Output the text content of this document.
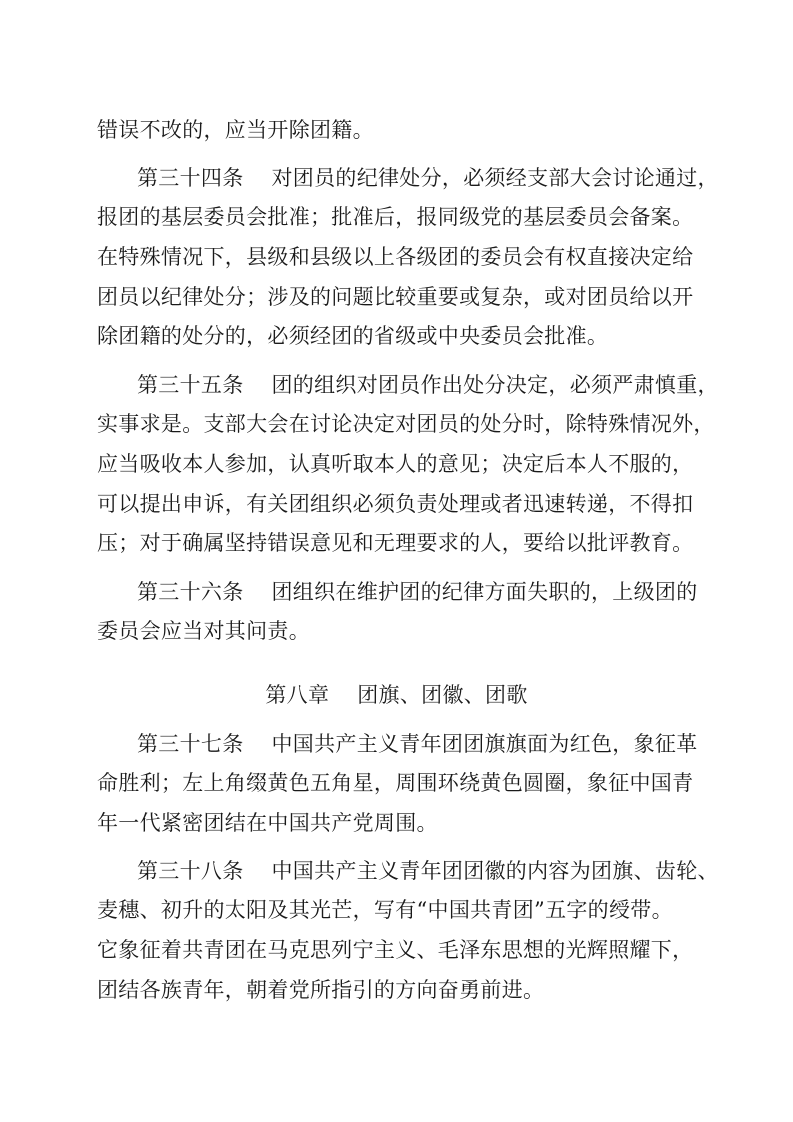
错误不改的，应当开除团籍。
第三十四条 对团员的纪律处分，必须经支部大会讨论通过，
报团的基层委员会批准；批准后，报同级党的基层委员会备案。
在特殊情况下，县级和县级以上各级团的委员会有权直接决定给
团员以纪律处分；涉及的问题比较重要或复杂，或对团员给以开
除团籍的处分的，必须经团的省级或中央委员会批准。
第三十五条 团的组织对团员作出处分决定，必须严肃慎重，
实事求是。支部大会在讨论决定对团员的处分时，除特殊情况外，
应当吸收本人参加，认真听取本人的意见；决定后本人不服的，
可以提出申诉，有关团组织必须负责处理或者迅速转递，不得扣
压；对于确属坚持错误意见和无理要求的人，要给以批评教育。
第三十六条 团组织在维护团的纪律方面失职的，上级团的
委员会应当对其问责。
第八章 团旗、团徽、团歌
第三十七条 中国共产主义青年团团旗旗面为红色，象征革
命胜利；左上角缀黄色五角星，周围环绕黄色圆圈，象征中国青
年一代紧密团结在中国共产党周围。
第三十八条 中国共产主义青年团团徽的内容为团旗、齿轮、
麦穗、初升的太阳及其光芒，写有“中国共青团”五字的绶带。
它象征着共青团在马克思列宁主义、毛泽东思想的光辉照耀下，
团结各族青年，朝着党所指引的方向奋勇前进。
